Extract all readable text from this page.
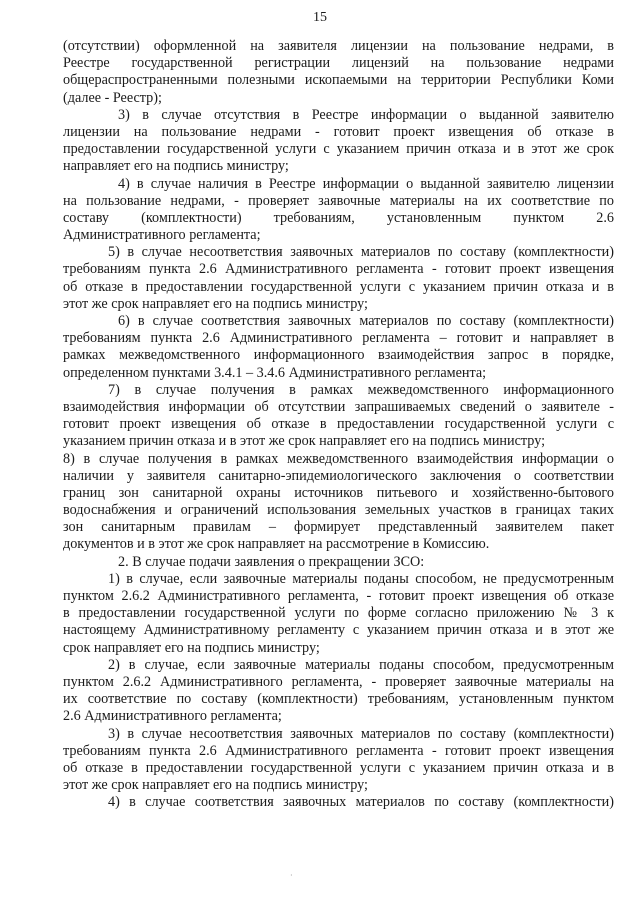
15
(отсутствии) оформленной на заявителя лицензии на пользование недрами, в
Реестре государственной регистрации лицензий на пользование недрами
общераспространенными полезными ископаемыми на территории Республики Коми
(далее - Реестр);
3) в случае отсутствия в Реестре информации о выданной заявителю
лицензии на пользование недрами - готовит проект извещения об отказе в
предоставлении государственной услуги с указанием причин отказа и в этот же срок
направляет его на подпись министру;
4) в случае наличия в Реестре информации о выданной заявителю лицензии
на пользование недрами, - проверяет заявочные материалы на их соответствие по
составу (комплектности) требованиям, установленным пунктом 2.6
Административного регламента;
5) в случае несоответствия заявочных материалов по составу (комплектности)
требованиям пункта 2.6 Административного регламента - готовит проект извещения
об отказе в предоставлении государственной услуги с указанием причин отказа и в
этот же срок направляет его на подпись министру;
6) в случае соответствия заявочных материалов по составу (комплектности)
требованиям пункта 2.6 Административного регламента – готовит и направляет в
рамках межведомственного информационного взаимодействия запрос в порядке,
определенном пунктами 3.4.1 – 3.4.6 Административного регламента;
7) в случае получения в рамках межведомственного информационного
взаимодействия информации об отсутствии запрашиваемых сведений о заявителе -
готовит проект извещения об отказе в предоставлении государственной услуги с
указанием причин отказа и в этот же срок направляет его на подпись министру;
8) в случае получения в рамках межведомственного взаимодействия информации о
наличии у заявителя санитарно-эпидемиологического заключения о соответствии
границ зон санитарной охраны источников питьевого и хозяйственно-бытового
водоснабжения и ограничений использования земельных участков в границах таких
зон санитарным правилам – формирует представленный заявителем пакет
документов и в этот же срок направляет на рассмотрение в Комиссию.
2. В случае подачи заявления о прекращении ЗСО:
1) в случае, если заявочные материалы поданы способом, не предусмотренным
пунктом 2.6.2 Административного регламента, - готовит проект извещения об отказе
в предоставлении государственной услуги по форме согласно приложению № 3 к
настоящему Административному регламенту с указанием причин отказа и в этот же
срок направляет его на подпись министру;
2) в случае, если заявочные материалы поданы способом, предусмотренным
пунктом 2.6.2 Административного регламента, - проверяет заявочные материалы на
их соответствие по составу (комплектности) требованиям, установленным пунктом
2.6 Административного регламента;
3) в случае несоответствия заявочных материалов по составу (комплектности)
требованиям пункта 2.6 Административного регламента - готовит проект извещения
об отказе в предоставлении государственной услуги с указанием причин отказа и в
этот же срок направляет его на подпись министру;
4) в случае соответствия заявочных материалов по составу (комплектности)
·
